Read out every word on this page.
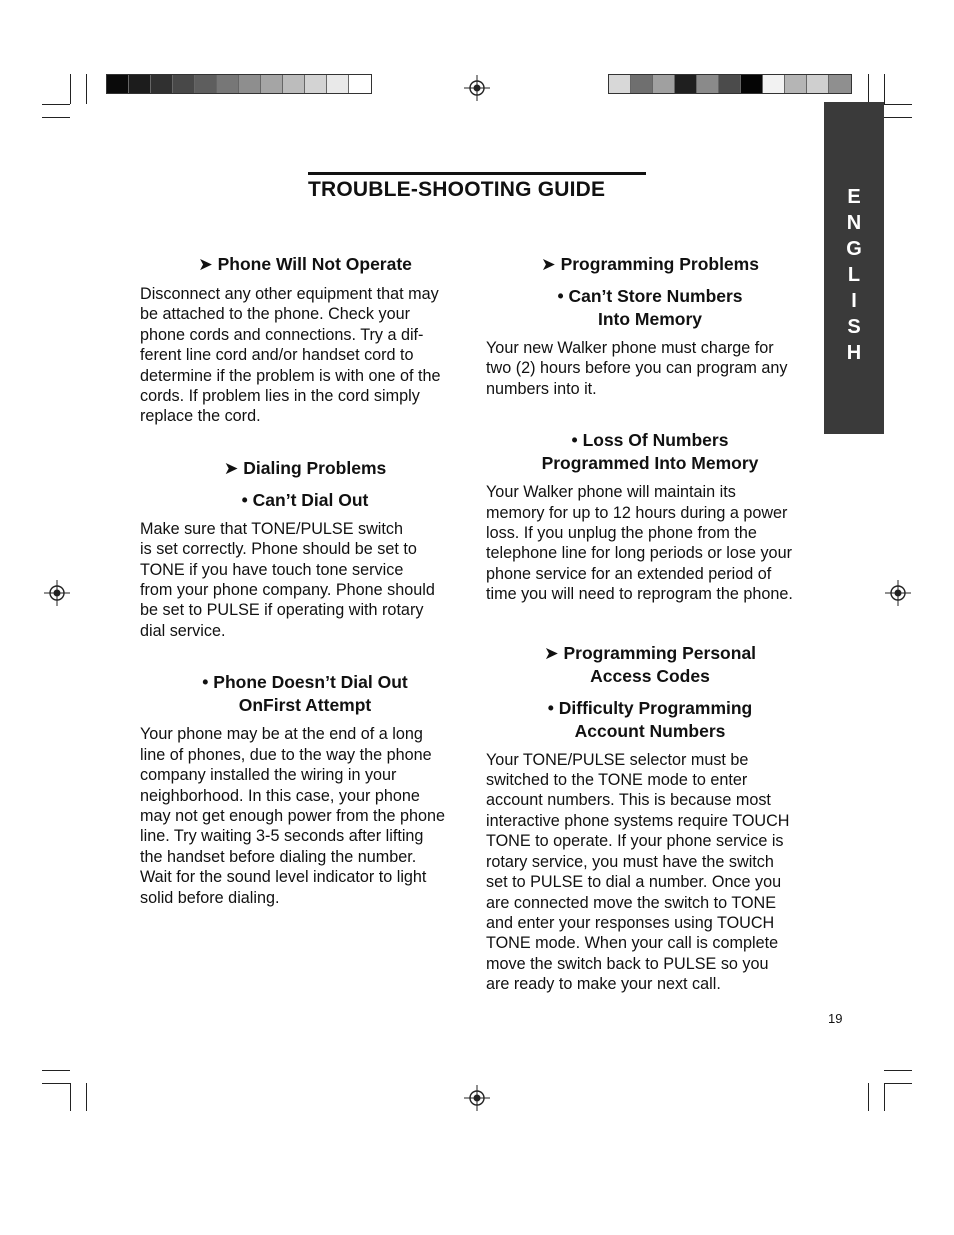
E
N
G
L
I
S
H
TROUBLE-SHOOTING GUIDE
➤ Phone Will Not Operate
Disconnect any other equipment that may
be attached to the phone. Check your
phone cords and connections. Try a dif-
ferent line cord and/or handset cord to
determine if the problem is with one of the
cords. If problem lies in the cord simply
replace the cord.
➤ Dialing Problems
• Can’t Dial Out
Make sure that TONE/PULSE switch
is set correctly. Phone should be set to
TONE if you have touch tone service
from your phone company. Phone should
be set to PULSE if operating with rotary
dial service.
• Phone Doesn’t Dial Out
OnFirst Attempt
Your phone may be at the end of a long
line of phones, due to the way the phone
company installed the wiring in your
neighborhood. In this case, your phone
may not get enough power from the phone
line. Try waiting 3-5 seconds after lifting
the handset before dialing the number.
Wait for the sound level indicator to light
solid before dialing.
➤ Programming Problems
• Can’t Store Numbers
Into Memory
Your new Walker phone must charge for
two (2) hours before you can program any
numbers into it.
• Loss Of Numbers
Programmed Into Memory
Your Walker phone will maintain its
memory for up to 12 hours during a power
loss. If you unplug the phone from the
telephone line for long periods or lose your
phone service for an extended period of
time you will need to reprogram the phone.
➤ Programming Personal
Access Codes
• Difficulty Programming
Account Numbers
Your TONE/PULSE selector must be
switched to the TONE mode to enter
account numbers. This is because most
interactive phone systems require TOUCH
TONE to operate. If your phone service is
rotary service, you must have the switch
set to PULSE to dial a number. Once you
are connected move the switch to TONE
and enter your responses using TOUCH
TONE mode. When your call is complete
move the switch back to PULSE so you
are ready to make your next call.
19
